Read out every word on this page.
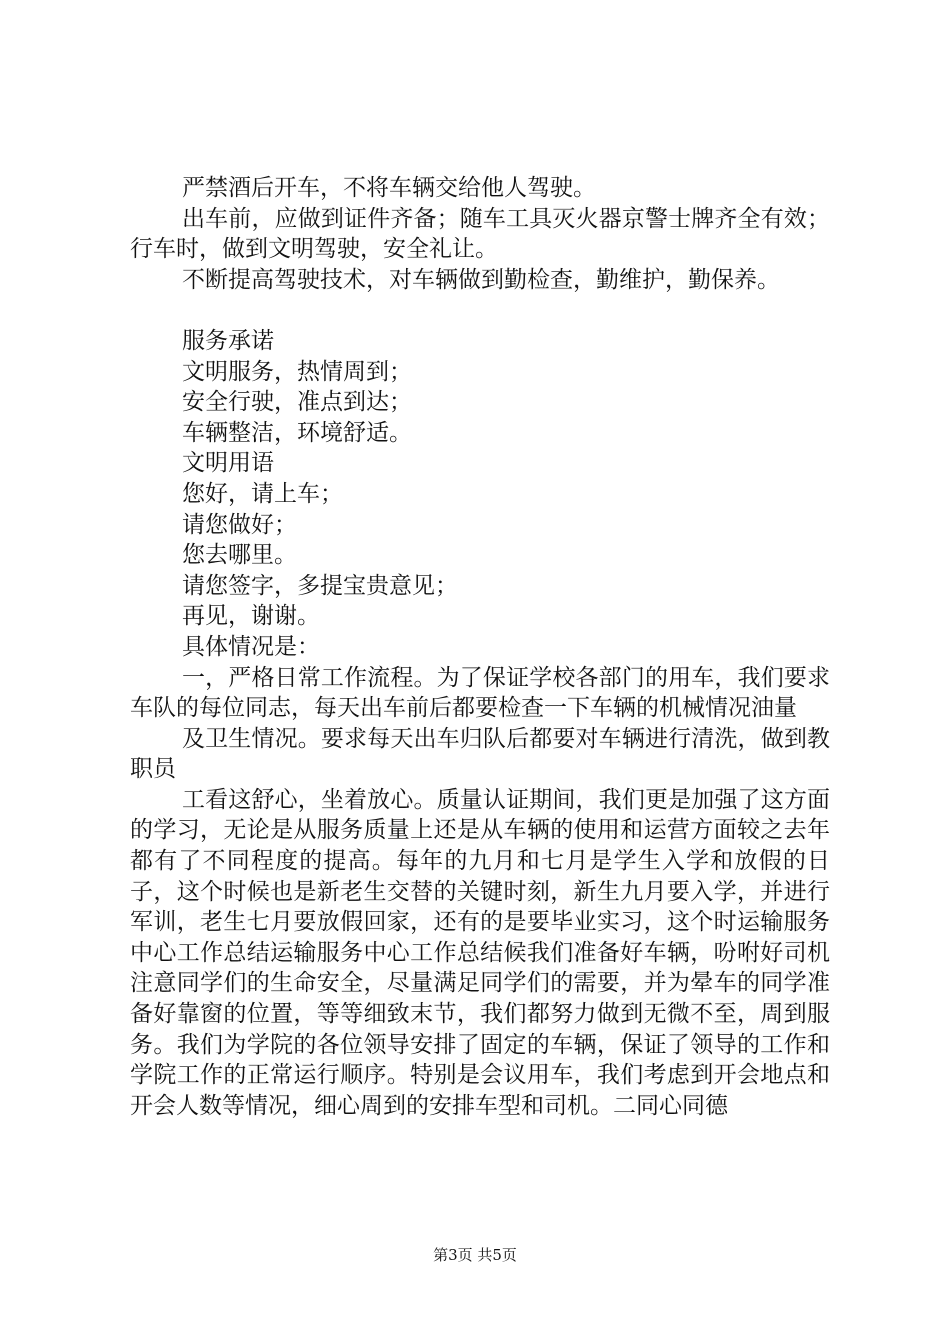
严禁酒后开车，不将车辆交给他人驾驶。

出车前，应做到证件齐备；随车工具灭火器京警士牌齐全有效；行车时，做到文明驾驶，安全礼让。

不断提高驾驶技术，对车辆做到勤检查，勤维护，勤保养。

服务承诺

文明服务，热情周到；

安全行驶，准点到达；

车辆整洁，环境舒适。

文明用语

您好，请上车；

请您做好；

您去哪里。

请您签字，多提宝贵意见；

再见，谢谢。

具体情况是：

一，严格日常工作流程。为了保证学校各部门的用车，我们要求车队的每位同志，每天出车前后都要检查一下车辆的机械情况油量

及卫生情况。要求每天出车归队后都要对车辆进行清洗，做到教职员

工看这舒心，坐着放心。质量认证期间，我们更是加强了这方面的学习，无论是从服务质量上还是从车辆的使用和运营方面较之去年都有了不同程度的提高。每年的九月和七月是学生入学和放假的日子，这个时候也是新老生交替的关键时刻，新生九月要入学，并进行军训，老生七月要放假回家，还有的是要毕业实习，这个时运输服务中心工作总结运输服务中心工作总结候我们准备好车辆，吩咐好司机注意同学们的生命安全，尽量满足同学们的需要，并为晕车的同学准备好靠窗的位置，等等细致末节，我们都努力做到无微不至，周到服务。我们为学院的各位领导安排了固定的车辆，保证了领导的工作和学院工作的正常运行顺序。特别是会议用车，我们考虑到开会地点和开会人数等情况，细心周到的安排车型和司机。二同心同德

第3页 共5页
